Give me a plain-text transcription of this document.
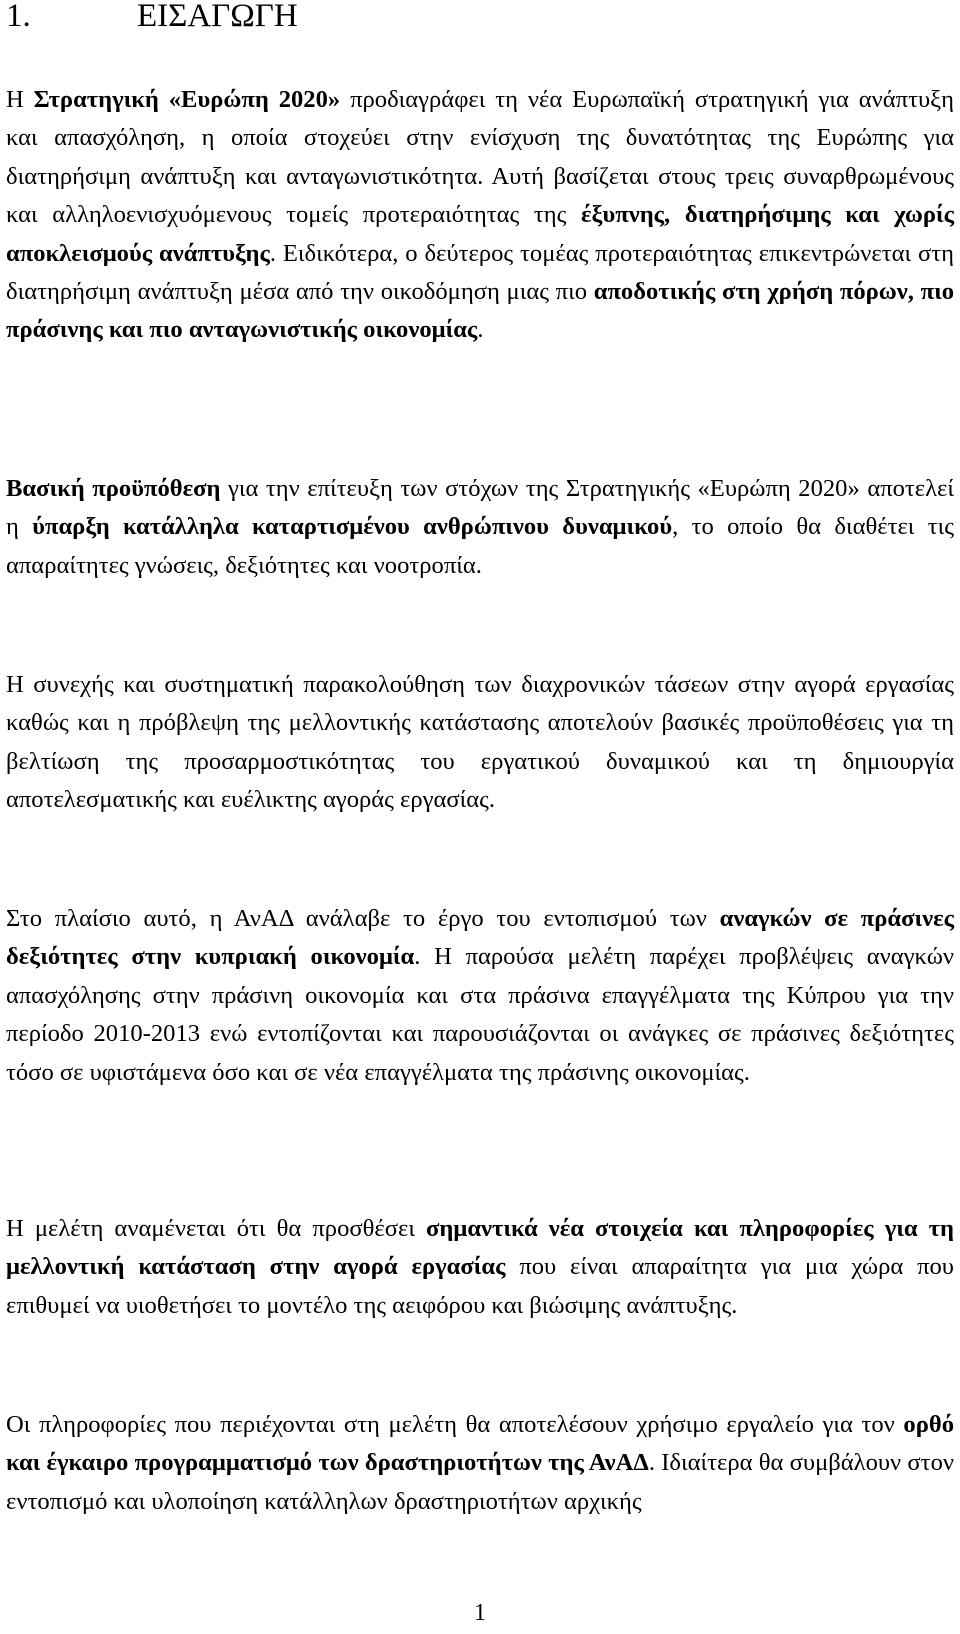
1.	ΕΙΣΑΓΩΓΗ

Η Στρατηγική «Ευρώπη 2020» προδιαγράφει τη νέα Ευρωπαϊκή στρατηγική για ανάπτυξη και απασχόληση, η οποία στοχεύει στην ενίσχυση της δυνατότητας της Ευρώπης για διατηρήσιμη ανάπτυξη και ανταγωνιστικότητα. Αυτή βασίζεται στους τρεις συναρθρωμένους και αλληλοενισχυόμενους τομείς προτεραιότητας της έξυπνης, διατηρήσιμης και χωρίς αποκλεισμούς ανάπτυξης. Ειδικότερα, ο δεύτερος τομέας προτεραιότητας επικεντρώνεται στη διατηρήσιμη ανάπτυξη μέσα από την οικοδόμηση μιας πιο αποδοτικής στη χρήση πόρων, πιο πράσινης και πιο ανταγωνιστικής οικονομίας.

Βασική προϋπόθεση για την επίτευξη των στόχων της Στρατηγικής «Ευρώπη 2020» αποτελεί η ύπαρξη κατάλληλα καταρτισμένου ανθρώπινου δυναμικού, το οποίο θα διαθέτει τις απαραίτητες γνώσεις, δεξιότητες και νοοτροπία.

Η συνεχής και συστηματική παρακολούθηση των διαχρονικών τάσεων στην αγορά εργασίας καθώς και η πρόβλεψη της μελλοντικής κατάστασης αποτελούν βασικές προϋποθέσεις για τη βελτίωση της προσαρμοστικότητας του εργατικού δυναμικού και τη δημιουργία αποτελεσματικής και ευέλικτης αγοράς εργασίας.

Στο πλαίσιο αυτό, η ΑνΑΔ ανάλαβε το έργο του εντοπισμού των αναγκών σε πράσινες δεξιότητες στην κυπριακή οικονομία. Η παρούσα μελέτη παρέχει προβλέψεις αναγκών απασχόλησης στην πράσινη οικονομία και στα πράσινα επαγγέλματα της Κύπρου για την περίοδο 2010-2013 ενώ εντοπίζονται και παρουσιάζονται οι ανάγκες σε πράσινες δεξιότητες τόσο σε υφιστάμενα όσο και σε νέα επαγγέλματα της πράσινης οικονομίας.

Η μελέτη αναμένεται ότι θα προσθέσει σημαντικά νέα στοιχεία και πληροφορίες για τη μελλοντική κατάσταση στην αγορά εργασίας που είναι απαραίτητα για μια χώρα που επιθυμεί να υιοθετήσει το μοντέλο της αειφόρου και βιώσιμης ανάπτυξης.

Οι πληροφορίες που περιέχονται στη μελέτη θα αποτελέσουν χρήσιμο εργαλείο για τον ορθό και έγκαιρο προγραμματισμό των δραστηριοτήτων της ΑνΑΔ. Ιδιαίτερα θα συμβάλουν στον εντοπισμό και υλοποίηση κατάλληλων δραστηριοτήτων αρχικής

1
